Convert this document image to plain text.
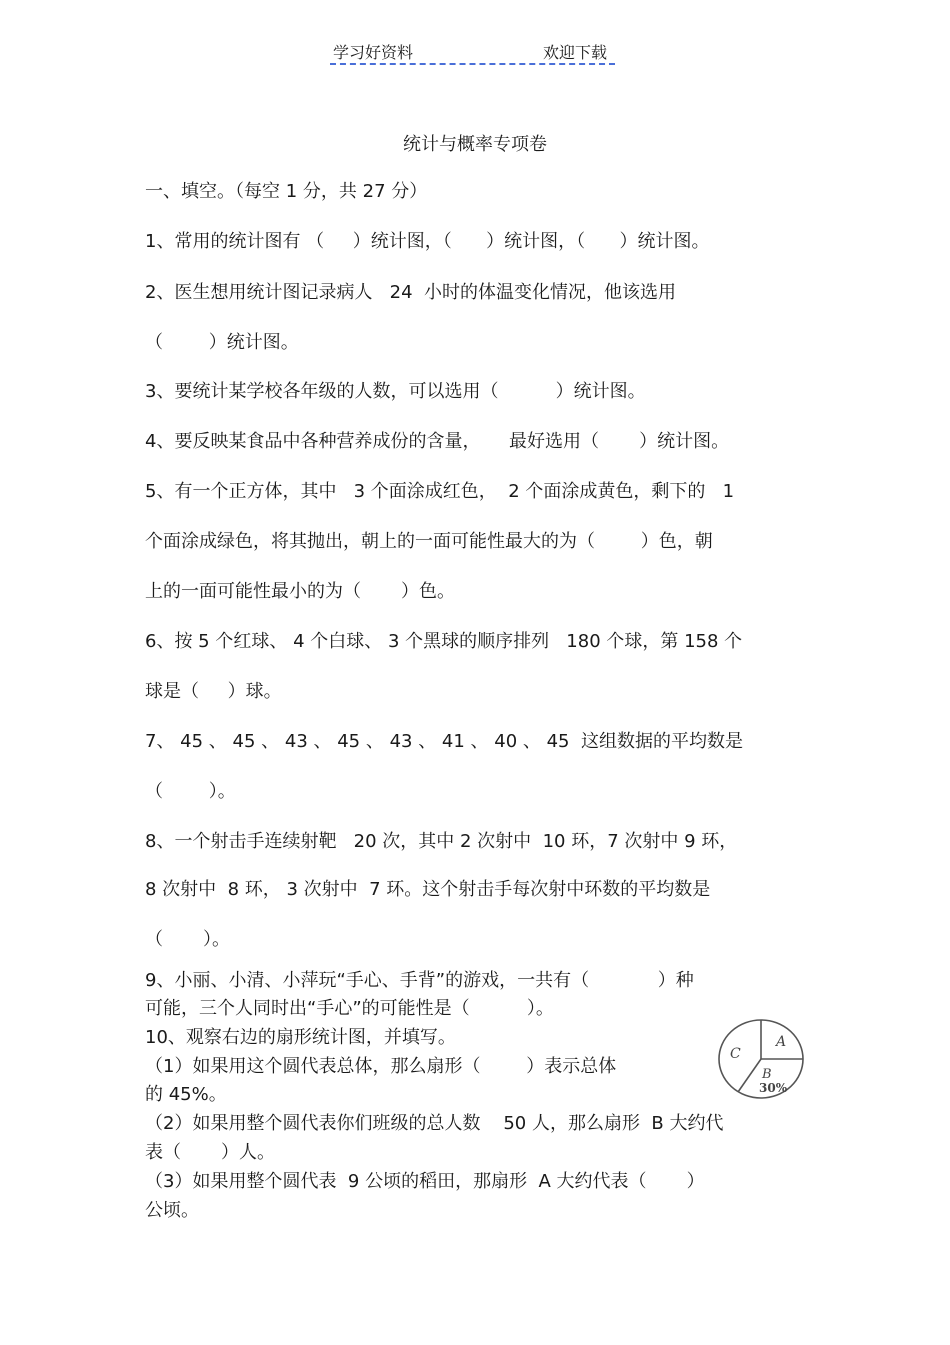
学习好资料	欢迎下载
统计与概率专项卷
一、填空。（每空 1 分，共 27 分）
1、常用的统计图有 （     ）统计图，（      ）统计图，（      ）统计图。
2、医生想用统计图记录病人   24  小时的体温变化情况，他该选用
（        ）统计图。
3、要统计某学校各年级的人数，可以选用（          ）统计图。
4、要反映某食品中各种营养成份的含量，     最好选用（       ）统计图。
5、有一个正方体，其中   3 个面涂成红色，  2 个面涂成黄色，剩下的   1
个面涂成绿色，将其抛出，朝上的一面可能性最大的为（        ）色，朝
上的一面可能性最小的为（       ）色。
6、按 5 个红球、 4 个白球、 3 个黑球的顺序排列   180 个球，第 158 个
球是（     ）球。
7、 45 、 45 、 43 、 45 、 43 、 41 、 40 、 45  这组数据的平均数是
（        ）。
8、一个射击手连续射靶   20 次，其中 2 次射中  10 环，7 次射中 9 环，
8 次射中  8 环， 3 次射中  7 环。这个射击手每次射中环数的平均数是
（       ）。
9、小丽、小清、小萍玩“手心、手背”的游戏，一共有（            ）种
可能，三个人同时出“手心”的可能性是（          ）。
10、观察右边的扇形统计图，并填写。
（1）如果用这个圆代表总体，那么扇形（        ）表示总体
的 45%。
（2）如果用整个圆代表你们班级的总人数    50 人，那么扇形  B 大约代
表（       ）人。
（3）如果用整个圆代表  9 公顷的稻田，那扇形  A 大约代表（       ）
公顷。
A
C
B
30%
